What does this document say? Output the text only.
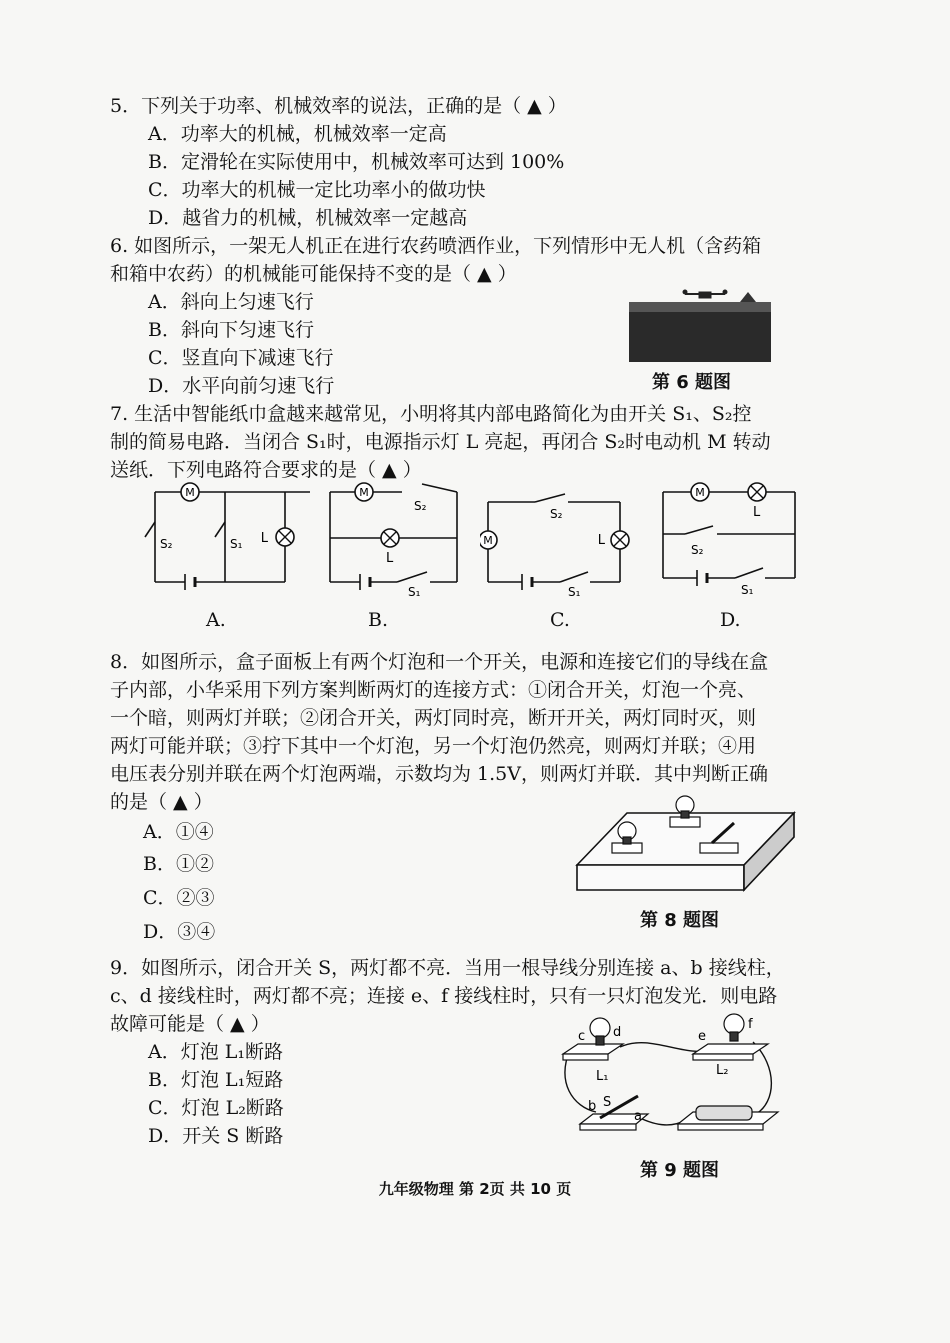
5．下列关于功率、机械效率的说法，正确的是（ ▲ ）
A．功率大的机械，机械效率一定高
B．定滑轮在实际使用中，机械效率可达到 100%
C．功率大的机械一定比功率小的做功快
D．越省力的机械，机械效率一定越高
6. 如图所示，一架无人机正在进行农药喷洒作业，下列情形中无人机（含药箱
和箱中农药）的机械能可能保持不变的是（ ▲ ）
A．斜向上匀速飞行
B．斜向下匀速飞行
C．竖直向下减速飞行
D．水平向前匀速飞行	第 6 题图
7. 生活中智能纸巾盒越来越常见，小明将其内部电路简化为由开关 S₁、S₂控
制的简易电路．当闭合 S₁时，电源指示灯 L 亮起，再闭合 S₂时电动机 M 转动
送纸．下列电路符合要求的是（ ▲ ）
M
L
S₂	S₁
A.
M
L
S₂
S₁
B.
M	L
S₂
S₁
C.
M
L
S₂
S₁
D.
8．如图所示，盒子面板上有两个灯泡和一个开关，电源和连接它们的导线在盒
子内部，小华采用下列方案判断两灯的连接方式：①闭合开关，灯泡一个亮、
一个暗，则两灯并联；②闭合开关，两灯同时亮，断开开关，两灯同时灭，则
两灯可能并联；③拧下其中一个灯泡，另一个灯泡仍然亮，则两灯并联；④用
电压表分别并联在两个灯泡两端，示数均为 1.5V，则两灯并联．其中判断正确
的是（ ▲ ）
A．①④
B．①②
C．②③
D．③④
第 8 题图
9．如图所示，闭合开关 S，两灯都不亮．当用一根导线分别连接 a、b 接线柱，
c、d 接线柱时，两灯都不亮；连接 e、f 接线柱时，只有一只灯泡发光．则电路
故障可能是（ ▲ ）
A．灯泡 L₁断路
B．灯泡 L₁短路
C．灯泡 L₂断路
D．开关 S 断路
c d	e
f
b
a
L₁	L₂
S
第 9 题图
九年级物理 第 2页 共 10 页
